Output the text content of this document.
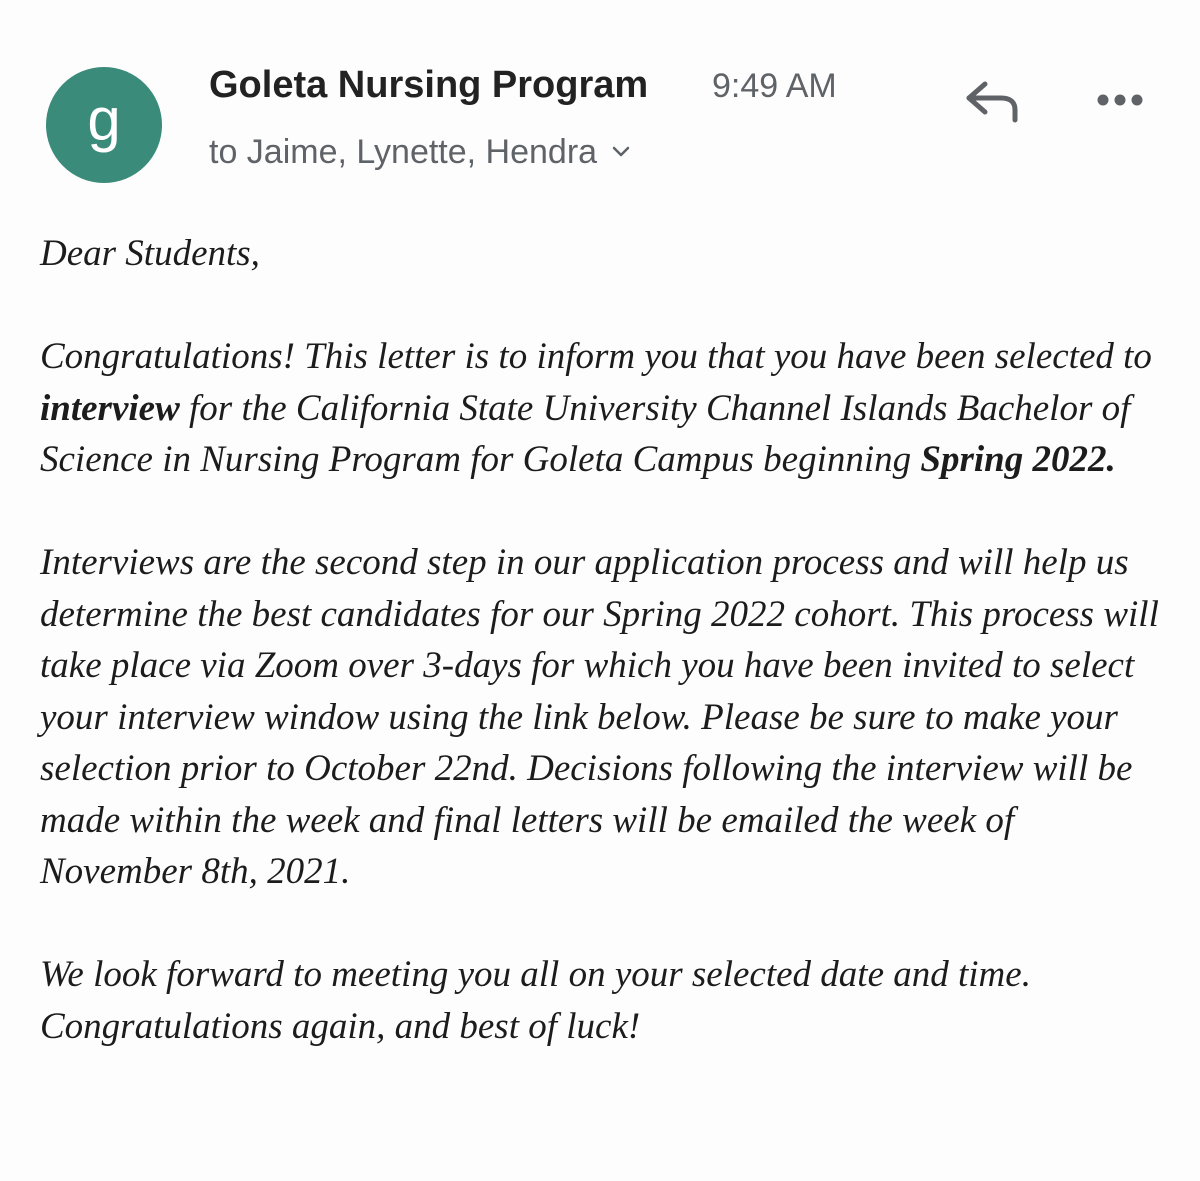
g
Goleta Nursing Program 9:49 AM
to Jaime, Lynette, Hendra

Dear Students,

Congratulations! This letter is to inform you that you have been selected to interview for the California State University Channel Islands Bachelor of Science in Nursing Program for Goleta Campus beginning Spring 2022.

Interviews are the second step in our application process and will help us determine the best candidates for our Spring 2022 cohort. This process will take place via Zoom over 3-days for which you have been invited to select your interview window using the link below. Please be sure to make your selection prior to October 22nd. Decisions following the interview will be made within the week and final letters will be emailed the week of November 8th, 2021.

We look forward to meeting you all on your selected date and time. Congratulations again, and best of luck!
